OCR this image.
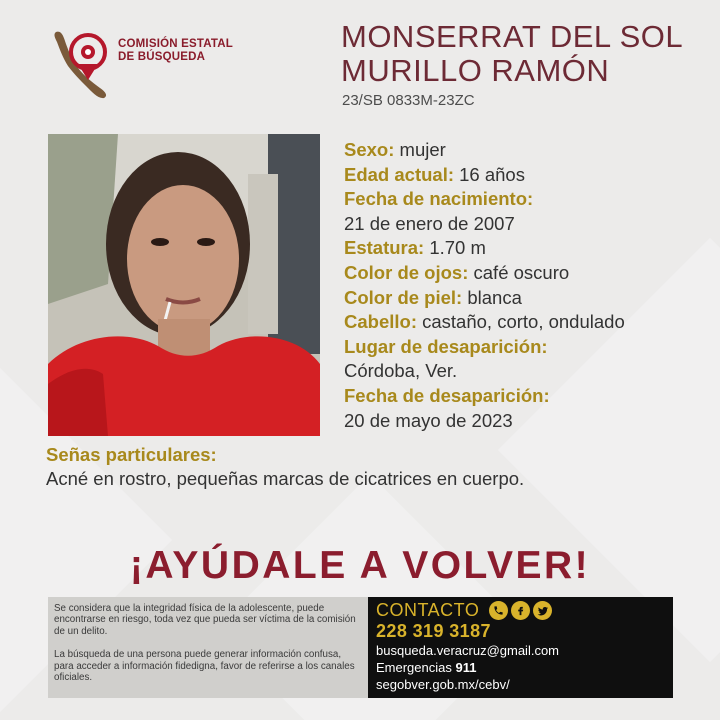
COMISIÓN ESTATAL
DE BÚSQUEDA
MONSERRAT DEL SOL
MURILLO RAMÓN
23/SB 0833M-23ZC
Sexo: mujer
Edad actual: 16 años
Fecha de nacimiento:
21 de enero de 2007
Estatura: 1.70 m
Color de ojos: café oscuro
Color de piel: blanca
Cabello: castaño, corto, ondulado
Lugar de desaparición:
Córdoba, Ver.
Fecha de desaparición:
20 de mayo de 2023
Señas particulares:
Acné en rostro, pequeñas marcas de cicatrices en cuerpo.
¡AYÚDALE A VOLVER!

Se considera que la integridad física de la adolescente, puede encontrarse en riesgo, toda vez que pueda ser víctima de la comisión de un delito.

La búsqueda de una persona puede generar información confusa, para acceder a información fidedigna, favor de referirse a los canales oficiales.

CONTACTO
228 319 3187
busqueda.veracruz@gmail.com
Emergencias 911
segobver.gob.mx/cebv/
